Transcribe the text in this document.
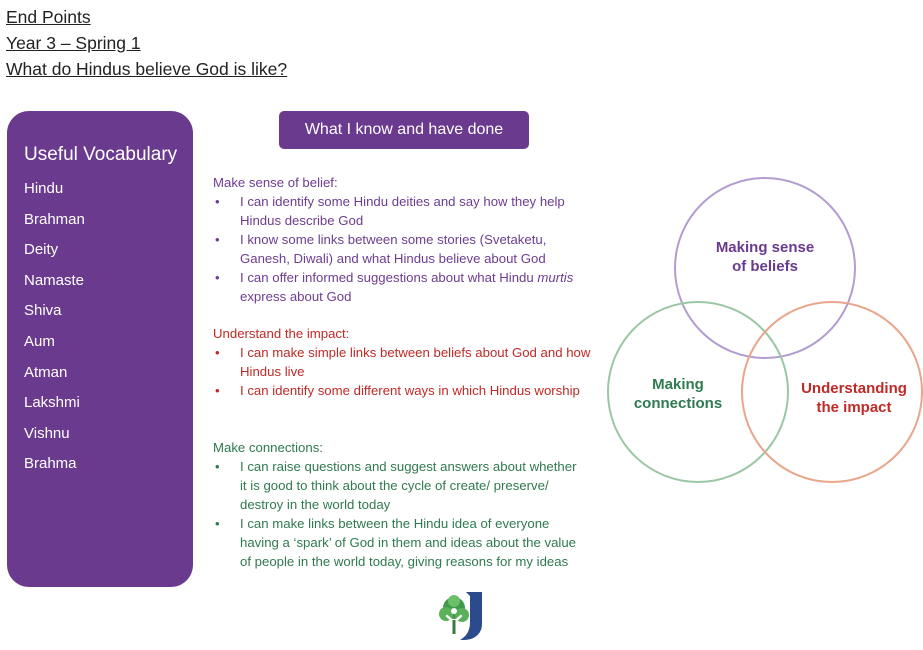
End Points
Year 3 – Spring 1
What do Hindus believe God is like?
Useful Vocabulary
Hindu
Brahman
Deity
Namaste
Shiva
Aum
Atman
Lakshmi
Vishnu
Brahma
What I know and have done
Make sense of belief:
• I can identify some Hindu deities and say how they help Hindus describe God
• I know some links between some stories (Svetaketu, Ganesh, Diwali) and what Hindus believe about God
• I can offer informed suggestions about what Hindu murtis express about God
Understand the impact:
• I can make simple links between beliefs about God and how Hindus live
• I can identify some different ways in which Hindus worship
Make connections:
• I can raise questions and suggest answers about whether it is good to think about the cycle of create/ preserve/ destroy in the world today
• I can make links between the Hindu idea of everyone having a ‘spark’ of God in them and ideas about the value of people in the world today, giving reasons for my ideas
Making sense
of beliefs
Making
connections
Understanding
the impact
